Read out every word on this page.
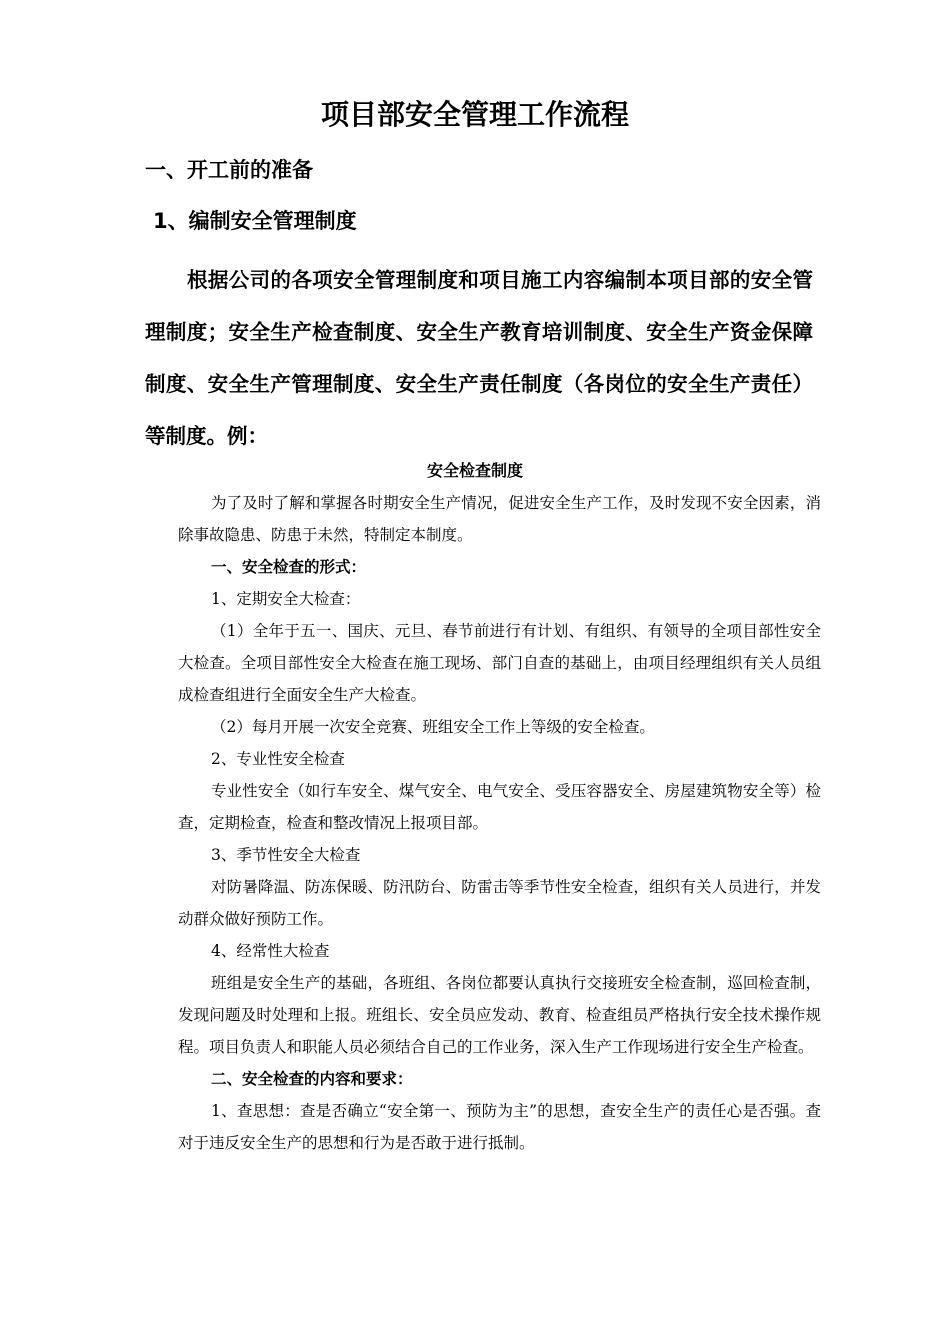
项目部安全管理工作流程
一、开工前的准备
1、编制安全管理制度

根据公司的各项安全管理制度和项目施工内容编制本项目部的安全管理制度；安全生产检查制度、安全生产教育培训制度、安全生产资金保障制度、安全生产管理制度、安全生产责任制度（各岗位的安全生产责任）等制度。例：

安全检查制度

为了及时了解和掌握各时期安全生产情况，促进安全生产工作，及时发现不安全因素，消除事故隐患、防患于未然，特制定本制度。

一、安全检查的形式：

1、定期安全大检查：

（1）全年于五一、国庆、元旦、春节前进行有计划、有组织、有领导的全项目部性安全大检查。全项目部性安全大检查在施工现场、部门自查的基础上，由项目经理组织有关人员组成检查组进行全面安全生产大检查。

（2）每月开展一次安全竞赛、班组安全工作上等级的安全检查。

2、专业性安全检查

专业性安全（如行车安全、煤气安全、电气安全、受压容器安全、房屋建筑物安全等）检查，定期检查，检查和整改情况上报项目部。

3、季节性安全大检查

对防暑降温、防冻保暖、防汛防台、防雷击等季节性安全检查，组织有关人员进行，并发动群众做好预防工作。

4、经常性大检查

班组是安全生产的基础，各班组、各岗位都要认真执行交接班安全检查制，巡回检查制，发现问题及时处理和上报。班组长、安全员应发动、教育、检查组员严格执行安全技术操作规程。项目负责人和职能人员必须结合自己的工作业务，深入生产工作现场进行安全生产检查。

二、安全检查的内容和要求：

1、查思想：查是否确立“安全第一、预防为主”的思想，查安全生产的责任心是否强。查对于违反安全生产的思想和行为是否敢于进行抵制。
